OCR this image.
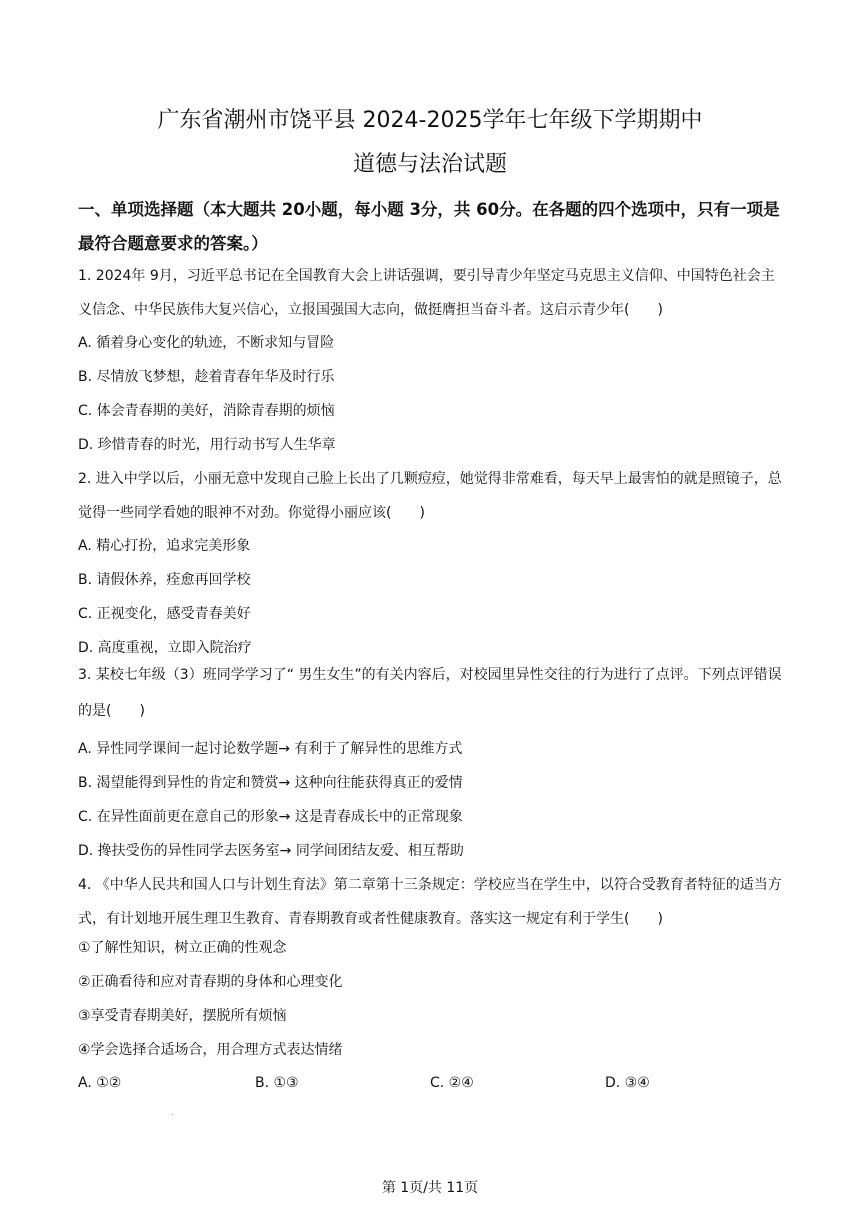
广东省潮州市饶平县 2024-2025学年七年级下学期期中
道德与法治试题
一、单项选择题（本大题共 20小题，每小题 3分，共 60分。在各题的四个选项中，只有一项是最符合题意要求的答案。）
1. 2024年 9月，习近平总书记在全国教育大会上讲话强调，要引导青少年坚定马克思主义信仰、中国特色社会主义信念、中华民族伟大复兴信心，立报国强国大志向，做挺膺担当奋斗者。这启示青少年(　　)
A. 循着身心变化的轨迹，不断求知与冒险
B. 尽情放飞梦想，趁着青春年华及时行乐
C. 体会青春期的美好，消除青春期的烦恼
D. 珍惜青春的时光，用行动书写人生华章
2. 进入中学以后，小丽无意中发现自己脸上长出了几颗痘痘，她觉得非常难看，每天早上最害怕的就是照镜子，总觉得一些同学看她的眼神不对劲。你觉得小丽应该(　　)
A. 精心打扮，追求完美形象
B. 请假休养，痊愈再回学校
C. 正视变化，感受青春美好
D. 高度重视，立即入院治疗
3. 某校七年级（3）班同学学习了“ 男生女生”的有关内容后，对校园里异性交往的行为进行了点评。下列点评错误的是(　　)
A. 异性同学课间一起讨论数学题→ 有利于了解异性的思维方式
B. 渴望能得到异性的肯定和赞赏→ 这种向往能获得真正的爱情
C. 在异性面前更在意自己的形象→ 这是青春成长中的正常现象
D. 搀扶受伤的异性同学去医务室→ 同学间团结友爱、相互帮助
4. 《中华人民共和国人口与计划生育法》第二章第十三条规定：学校应当在学生中，以符合受教育者特征的适当方式，有计划地开展生理卫生教育、青春期教育或者性健康教育。落实这一规定有利于学生(　　)
①了解性知识，树立正确的性观念
②正确看待和应对青春期的身体和心理变化
③享受青春期美好，摆脱所有烦恼
④学会选择合适场合，用合理方式表达情绪
A. ①②	B. ①③	C. ②④	D. ③④
第 1页/共 11页
